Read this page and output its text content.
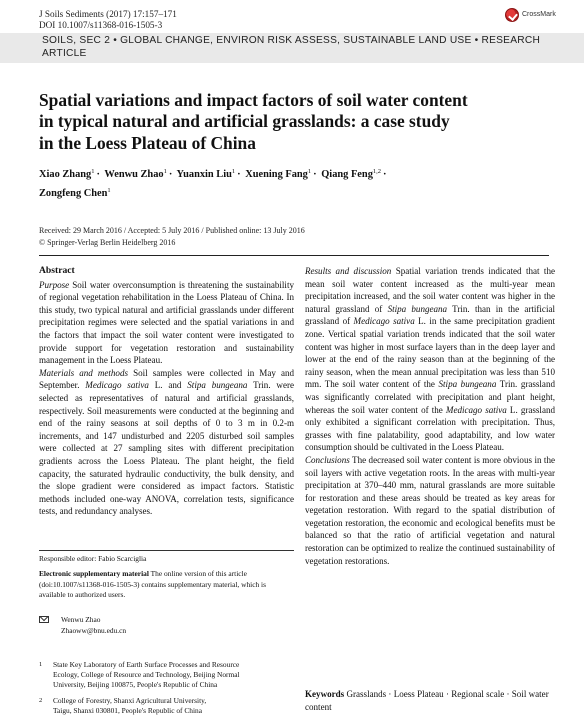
J Soils Sediments (2017) 17:157–171
DOI 10.1007/s11368-016-1505-3
CrossMark
SOILS, SEC 2 • GLOBAL CHANGE, ENVIRON RISK ASSESS, SUSTAINABLE LAND USE • RESEARCH
ARTICLE
Spatial variations and impact factors of soil water content
in typical natural and artificial grasslands: a case study
in the Loess Plateau of China
Xiao Zhang$^1$ · Wenwu Zhao$^1$ · Yuanxin Liu$^1$ · Xuening Fang$^1$ · Qiang Feng$^{1,2}$ ·
Zongfeng Chen$^1$
Received: 29 March 2016 / Accepted: 5 July 2016 / Published online: 13 July 2016
© Springer-Verlag Berlin Heidelberg 2016
Abstract
Purpose Soil water overconsumption is threatening the sustainability of regional vegetation rehabilitation in the Loess Plateau of China. In this study, two typical natural and artificial grasslands under different precipitation regimes were selected and the spatial variations in and the factors that impact the soil water content were investigated to provide support for vegetation restoration and sustainability management in the Loess Plateau.
Materials and methods Soil samples were collected in May and September. Medicago sativa L. and Stipa bungeana Trin. were selected as representatives of natural and artificial grasslands, respectively. Soil measurements were conducted at the beginning and end of the rainy seasons at soil depths of 0 to 3 m in 0.2-m increments, and 147 undisturbed and 2205 disturbed soil samples were collected at 27 sampling sites with different precipitation gradients across the Loess Plateau. The plant height, the field capacity, the saturated hydraulic conductivity, the bulk density, and the slope gradient were considered as impact factors. Statistic methods included one-way ANOVA, correlation tests, significance tests, and redundancy analyses.
Results and discussion Spatial variation trends indicated that the mean soil water content increased as the multi-year mean precipitation increased, and the soil water content was higher in the natural grassland of Stipa bungeana Trin. than in the artificial grassland of Medicago sativa L. in the same precipitation gradient zone. Vertical spatial variation trends indicated that the soil water content was higher in most surface layers than in the deep layer and lower at the end of the rainy season than at the beginning of the rainy season, when the mean annual precipitation was less than 510 mm. The soil water content of the Stipa bungeana Trin. grassland was significantly correlated with precipitation and plant height, whereas the soil water content of the Medicago sativa L. grassland only exhibited a significant correlation with precipitation. Thus, grasses with fine palatability, good adaptability, and low water consumption should be cultivated in the Loess Plateau.
Conclusions The decreased soil water content is more obvious in the soil layers with active vegetation roots. In the areas with multi-year precipitation at 370–440 mm, natural grasslands are more suitable for restoration and these areas should be treated as key areas for vegetation restoration. With regard to the spatial distribution of vegetation restoration, the economic and ecological benefits must be balanced so that the ratio of artificial vegetation and natural restoration can be optimized to realize the continued sustainability of vegetation restorations.
Responsible editor: Fabio Scarciglia
Electronic supplementary material The online version of this article (doi:10.1007/s11368-016-1505-3) contains supplementary material, which is available to authorized users.
Wenwu Zhao
Zhaoww@bnu.edu.cn
1 State Key Laboratory of Earth Surface Processes and Resource
Ecology, College of Resource and Technology, Beijing Normal
University, Beijing 100875, People's Republic of China
2 College of Forestry, Shanxi Agricultural University,
Taigu, Shanxi 030801, People's Republic of China
Keywords Grasslands · Loess Plateau · Regional scale · Soil water content
